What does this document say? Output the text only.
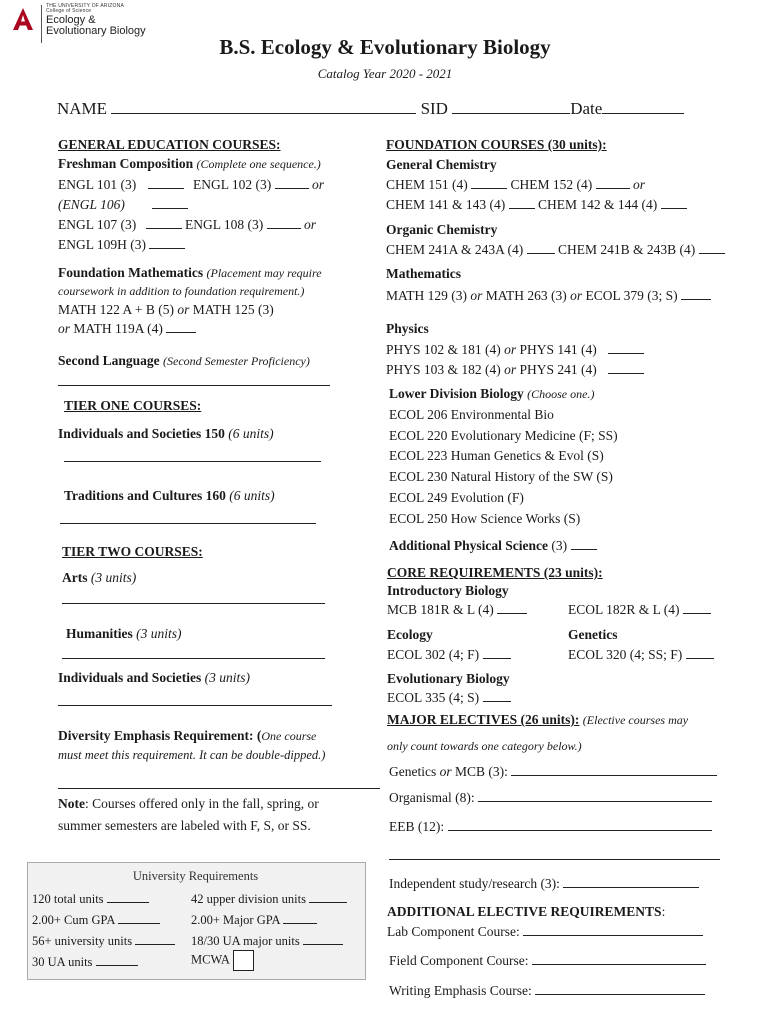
THE UNIVERSITY OF ARIZONA
College of Science
Ecology &
Evolutionary Biology
B.S. Ecology & Evolutionary Biology
Catalog Year 2020 - 2021
NAME	SID	Date
GENERAL EDUCATION COURSES:
Freshman Composition (Complete one sequence.)
ENGL 101 (3)	ENGL 102 (3)	or
(ENGL 106)
ENGL 107 (3)	ENGL 108 (3)	or
ENGL 109H (3)
Foundation Mathematics (Placement may require
coursework in addition to foundation requirement.)
MATH 122 A + B (5) or MATH 125 (3)
or MATH 119A (4)
Second Language (Second Semester Proficiency)
TIER ONE COURSES:
Individuals and Societies 150 (6 units)
Traditions and Cultures 160 (6 units)
TIER TWO COURSES:
Arts (3 units)
Humanities (3 units)
Individuals and Societies (3 units)
Diversity Emphasis Requirement: (One course
must meet this requirement. It can be double-dipped.)
Note: Courses offered only in the fall, spring, or
summer semesters are labeled with F, S, or SS.
University Requirements
120 total units	42 upper division units
2.00+ Cum GPA	2.00+ Major GPA
56+ university units	18/30 UA major units
30 UA units	MCWA
FOUNDATION COURSES (30 units):
General Chemistry
CHEM 151 (4)	CHEM 152 (4)	or
CHEM 141 & 143 (4) CHEM 142 & 144 (4)
Organic Chemistry
CHEM 241A & 243A (4)	CHEM 241B & 243B (4)
Mathematics
MATH 129 (3) or MATH 263 (3) or ECOL 379 (3; S)
Physics
PHYS 102 & 181 (4) or PHYS 141 (4)
PHYS 103 & 182 (4) or PHYS 241 (4)
Lower Division Biology (Choose one.)
ECOL 206 Environmental Bio
ECOL 220 Evolutionary Medicine (F; SS)
ECOL 223 Human Genetics & Evol (S)
ECOL 230 Natural History of the SW (S)
ECOL 249 Evolution (F)
ECOL 250 How Science Works (S)
Additional Physical Science (3)
CORE REQUIREMENTS (23 units):
Introductory Biology
MCB 181R & L (4)	ECOL 182R & L (4)
Ecology	Genetics
ECOL 302 (4; F)	ECOL 320 (4; SS; F)
Evolutionary Biology
ECOL 335 (4; S)
MAJOR ELECTIVES (26 units): (Elective courses may
only count towards one category below.)
Genetics or MCB (3):
Organismal (8):
EEB (12):
Independent study/research (3):
ADDITIONAL ELECTIVE REQUIREMENTS:
Lab Component Course:
Field Component Course:
Writing Emphasis Course:
